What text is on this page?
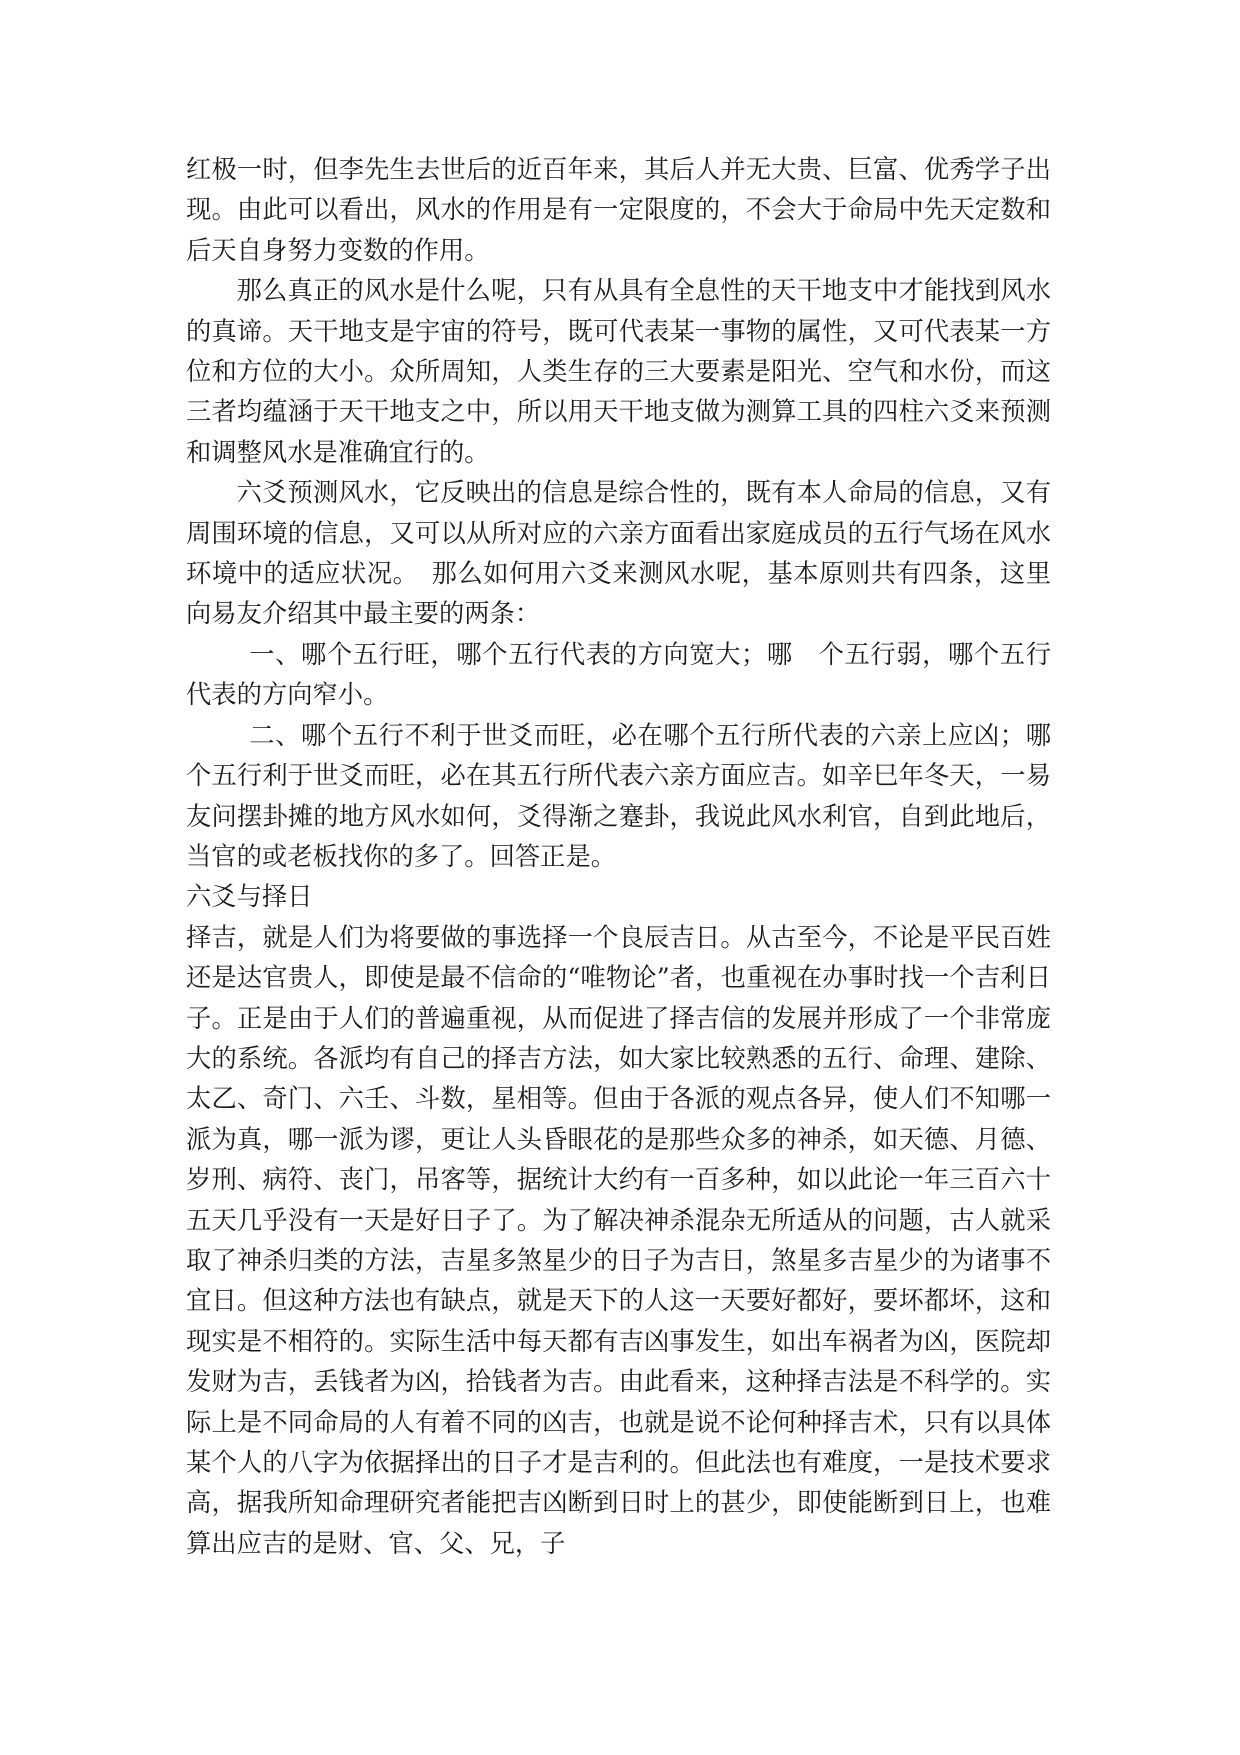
红极一时，但李先生去世后的近百年来，其后人并无大贵、巨富、优秀学子出现。由此可以看出，风水的作用是有一定限度的，不会大于命局中先天定数和后天自身努力变数的作用。

那么真正的风水是什么呢，只有从具有全息性的天干地支中才能找到风水的真谛。天干地支是宇宙的符号，既可代表某一事物的属性，又可代表某一方位和方位的大小。众所周知，人类生存的三大要素是阳光、空气和水份，而这三者均蕴涵于天干地支之中，所以用天干地支做为测算工具的四柱六爻来预测和调整风水是准确宜行的。

六爻预测风水，它反映出的信息是综合性的，既有本人命局的信息，又有周围环境的信息，又可以从所对应的六亲方面看出家庭成员的五行气场在风水环境中的适应状况。　那么如何用六爻来测风水呢，基本原则共有四条，这里向易友介绍其中最主要的两条：

一、哪个五行旺，哪个五行代表的方向宽大；哪　个五行弱，哪个五行代表的方向窄小。

二、哪个五行不利于世爻而旺，必在哪个五行所代表的六亲上应凶；哪个五行利于世爻而旺，必在其五行所代表六亲方面应吉。如辛巳年冬天，一易友问摆卦摊的地方风水如何，爻得渐之蹇卦，我说此风水利官，自到此地后，当官的或老板找你的多了。回答正是。

六爻与择日

择吉，就是人们为将要做的事选择一个良辰吉日。从古至今，不论是平民百姓还是达官贵人，即使是最不信命的“唯物论”者，也重视在办事时找一个吉利日子。正是由于人们的普遍重视，从而促进了择吉信的发展并形成了一个非常庞大的系统。各派均有自己的择吉方法，如大家比较熟悉的五行、命理、建除、太乙、奇门、六壬、斗数，星相等。但由于各派的观点各异，使人们不知哪一派为真，哪一派为谬，更让人头昏眼花的是那些众多的神杀，如天德、月德、岁刑、病符、丧门，吊客等，据统计大约有一百多种，如以此论一年三百六十五天几乎没有一天是好日子了。为了解决神杀混杂无所适从的问题，古人就采取了神杀归类的方法，吉星多煞星少的日子为吉日，煞星多吉星少的为诸事不宜日。但这种方法也有缺点，就是天下的人这一天要好都好，要坏都坏，这和现实是不相符的。实际生活中每天都有吉凶事发生，如出车祸者为凶，医院却发财为吉，丢钱者为凶，拾钱者为吉。由此看来，这种择吉法是不科学的。实际上是不同命局的人有着不同的凶吉，也就是说不论何种择吉术，只有以具体某个人的八字为依据择出的日子才是吉利的。但此法也有难度，一是技术要求高，据我所知命理研究者能把吉凶断到日时上的甚少，即使能断到日上，也难算出应吉的是财、官、父、兄，子
